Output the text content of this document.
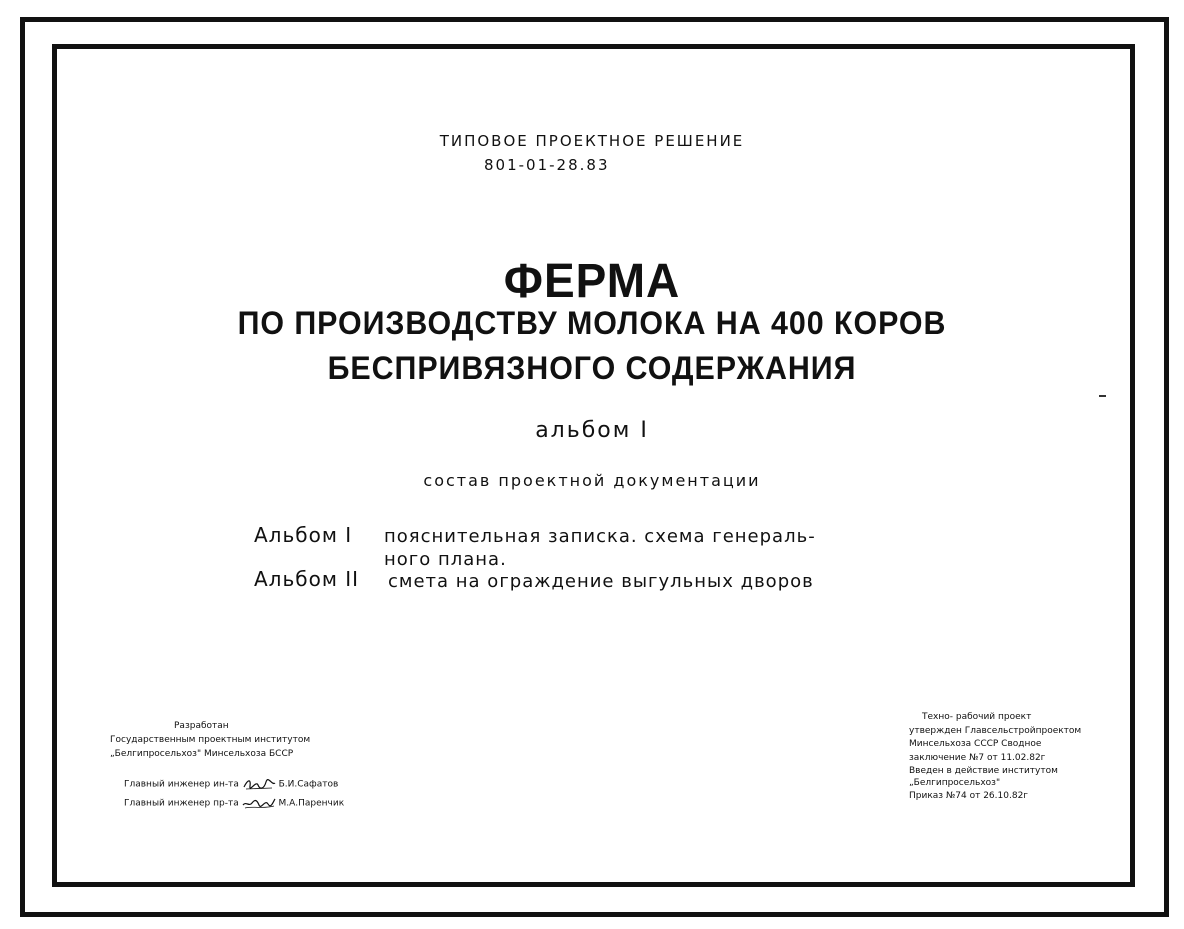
ТИПОВОЕ ПРОЕКТНОЕ РЕШЕНИЕ
801-01-28.83
ФЕРМА
ПО ПРОИЗВОДСТВУ МОЛОКА НА 400 КОРОВ
БЕСПРИВЯЗНОГО СОДЕРЖАНИЯ
альбом I
состав проектной документации
Альбом I пояснительная записка. схема генераль-
ного плана.
Альбом II смета на ограждение выгульных дворов
Разработан
Государственным проектным институтом
„Белгипросельхоз" Минсельхоза БССР
Главный инженер ин-та	Б.И.Сафатов
Главный инженер пр-та	М.А.Паренчик
Техно- рабочий проект
утвержден Главсельстройпроектом
Минсельхоза СССР Сводное
заключение №7 от 11.02.82г
Введен в действие институтом
„Белгипросельхоз"
Приказ №74 от 26.10.82г
